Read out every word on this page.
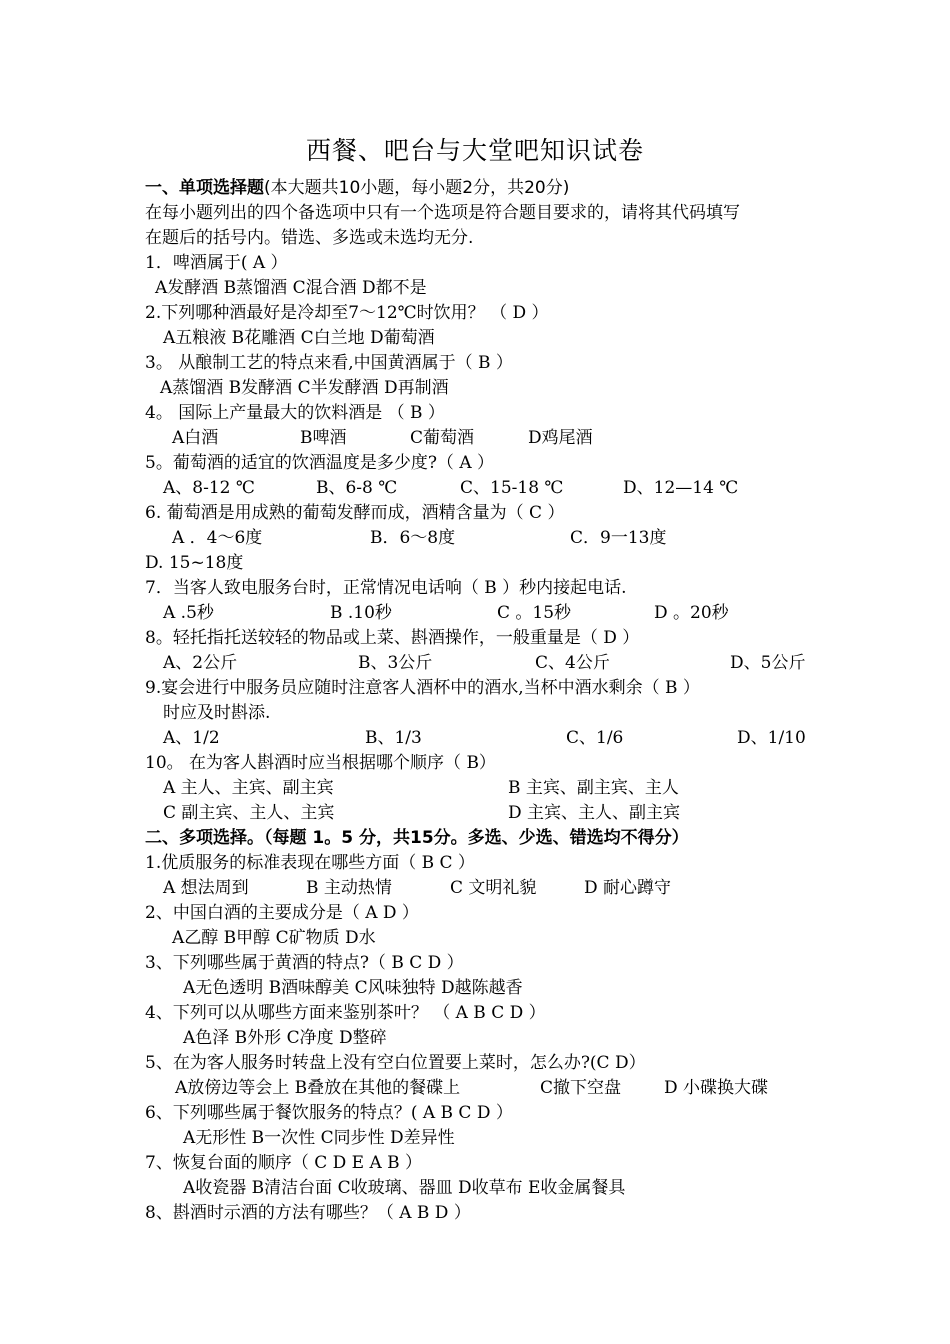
西餐、吧台与大堂吧知识试卷
一、单项选择题(本大题共10小题，每小题2分，共20分)
在每小题列出的四个备选项中只有一个选项是符合题目要求的，请将其代码填写
在题后的括号内。错选、多选或未选均无分.
1．啤酒属于( A ）
A发酵酒 B蒸馏酒 C混合酒 D都不是
2.下列哪种酒最好是冷却至7～12℃时饮用？ （ D ）
A五粮液 B花雕酒 C白兰地 D葡萄酒
3。 从酿制工艺的特点来看,中国黄酒属于（ B ）
A蒸馏酒 B发酵酒 C半发酵酒 D再制酒
4。 国际上产量最大的饮料酒是 （ B ）
A白酒	B啤酒	C葡萄酒	D鸡尾酒
5。葡萄酒的适宜的饮酒温度是多少度?（ A ）
A、8-12 ℃	B、6-8 ℃	C、15-18 ℃	D、12—14 ℃
6. 葡萄酒是用成熟的葡萄发酵而成，酒精含量为（ C ）
A ．4～6度	B．6～8度	C．9一13度
D. 15~18度
7．当客人致电服务台时，正常情况电话响（ B ）秒内接起电话.
A .5秒	B .10秒	C 。15秒	D 。20秒
8。轻托指托送较轻的物品或上菜、斟酒操作，一般重量是（ D ）
A、2公斤	B、3公斤	C、4公斤	D、5公斤
9.宴会进行中服务员应随时注意客人酒杯中的酒水,当杯中酒水剩余（ B ）
时应及时斟添.
A、1/2	B、1/3	C、1/6	D、1/10
10。 在为客人斟酒时应当根据哪个顺序（ B）
A 主人、主宾、副主宾	B 主宾、副主宾、主人
C 副主宾、主人、主宾	D 主宾、主人、副主宾
二、多项选择。（每题 1。5 分，共15分。多选、少选、错选均不得分）
1.优质服务的标准表现在哪些方面（ B C ）
A 想法周到	B 主动热情	C 文明礼貌	D 耐心蹲守
2、中国白酒的主要成分是（ A D ）
A乙醇 B甲醇 C矿物质 D水
3、下列哪些属于黄酒的特点?（ B C D ）
A无色透明 B酒味醇美 C风味独特 D越陈越香
4、下列可以从哪些方面来鉴别茶叶？ （ A B C D ）
A色泽 B外形 C净度 D整碎
5、在为客人服务时转盘上没有空白位置要上菜时，怎么办?(C D）
A放傍边等会上 B叠放在其他的餐碟上	C撤下空盘	D 小碟换大碟
6、下列哪些属于餐饮服务的特点？( A B C D ）
A无形性 B一次性 C同步性 D差异性
7、恢复台面的顺序（ C D E A B ）
A收瓷器 B清洁台面 C收玻璃、器皿 D收草布 E收金属餐具
8、斟酒时示酒的方法有哪些？（ A B D ）
